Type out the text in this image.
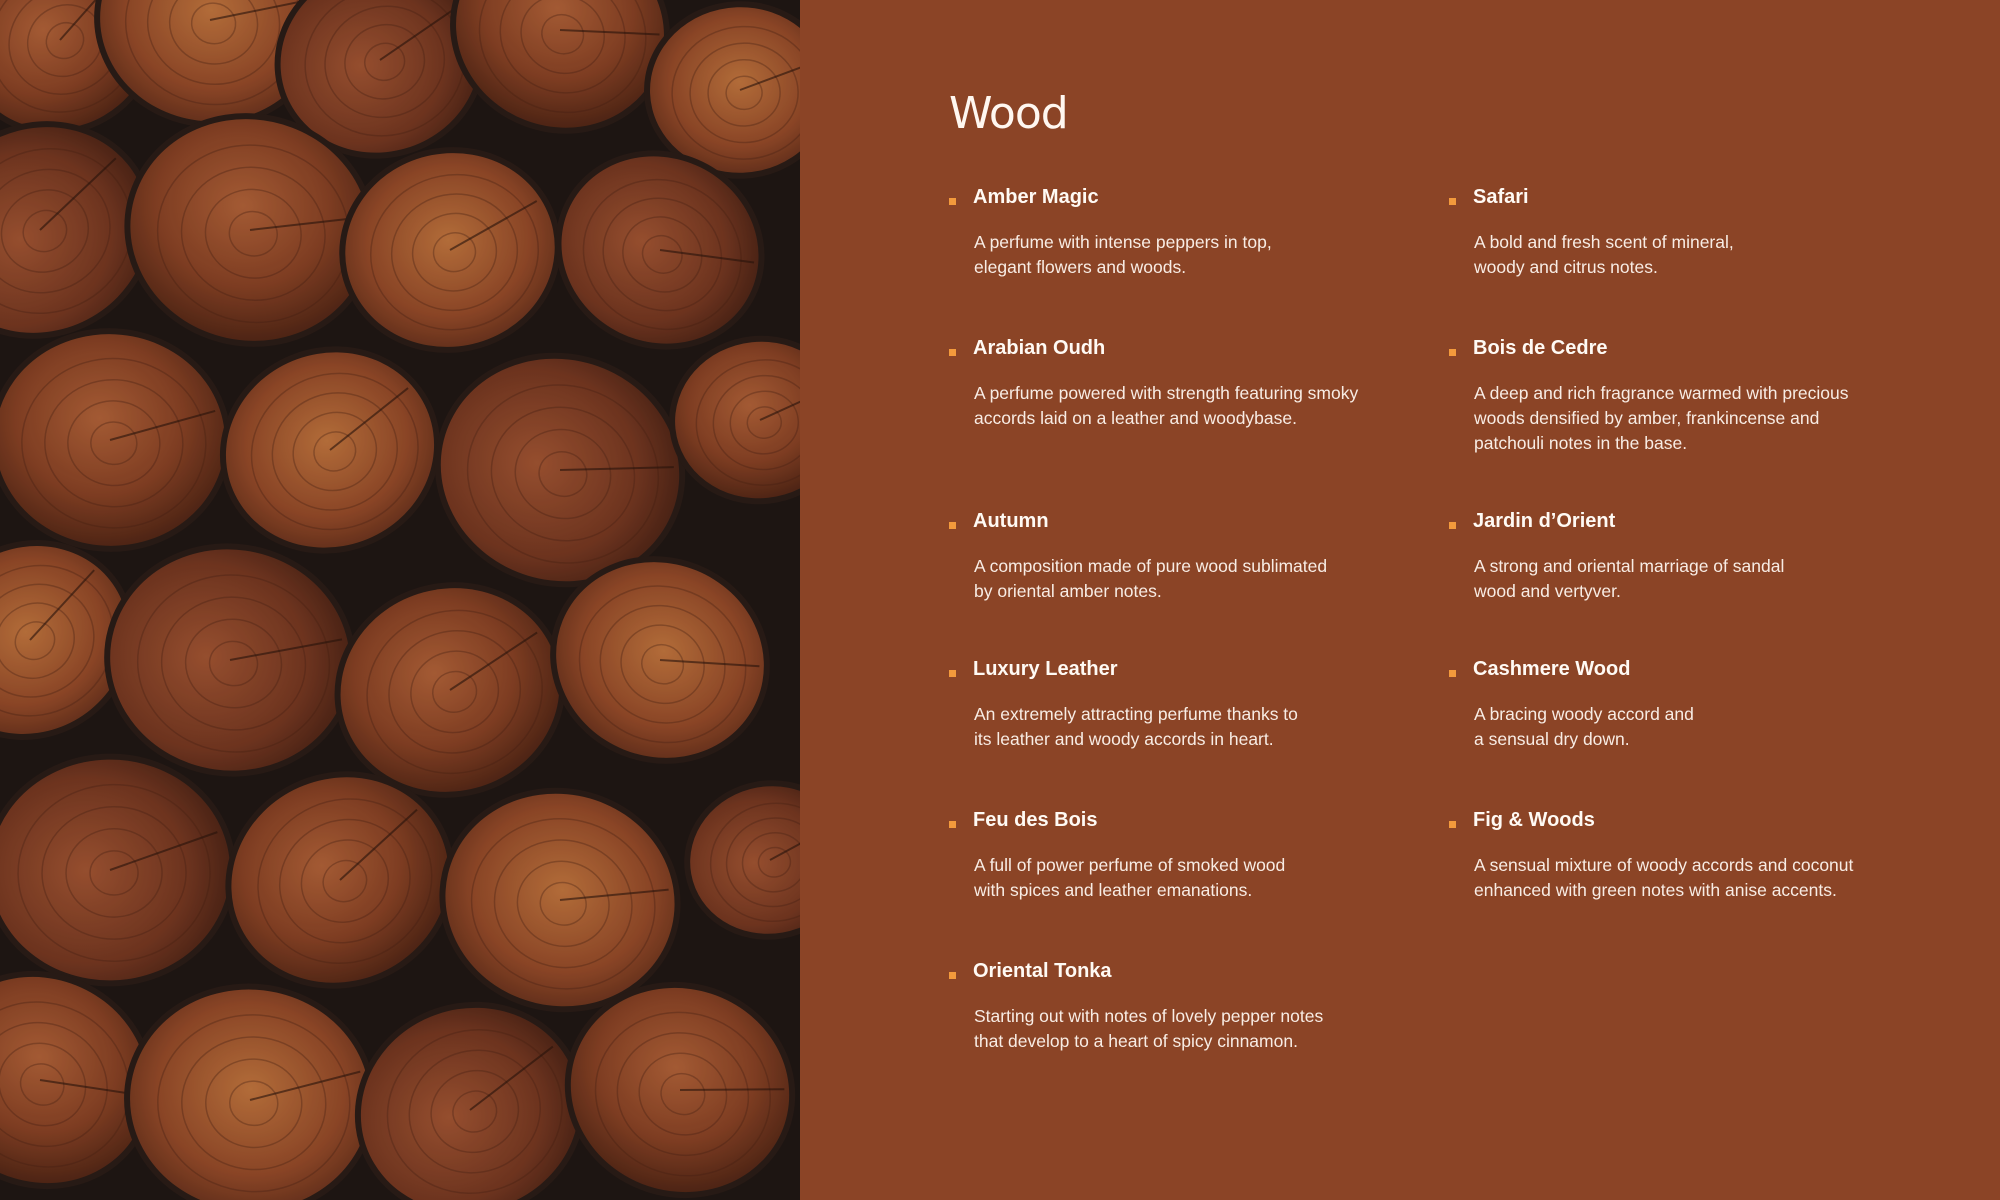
Wood
Amber Magic

A perfume with intense peppers in top,
elegant flowers and woods.

Safari

A bold and fresh scent of mineral,
woody and citrus notes.

Arabian Oudh

A perfume powered with strength featuring smoky
accords laid on a leather and woodybase.

Bois de Cedre

A deep and rich fragrance warmed with precious
woods densified by amber, frankincense and
patchouli notes in the base.

Autumn

A composition made of pure wood sublimated
by oriental amber notes.

Jardin d’Orient

A strong and oriental marriage of sandal
wood and vertyver.

Luxury Leather

An extremely attracting perfume thanks to
its leather and woody accords in heart.

Cashmere Wood

A bracing woody accord and
a sensual dry down.

Feu des Bois

A full of power perfume of smoked wood
with spices and leather emanations.

Fig & Woods

A sensual mixture of woody accords and coconut
enhanced with green notes with anise accents.

Oriental Tonka

Starting out with notes of lovely pepper notes
that develop to a heart of spicy cinnamon.
